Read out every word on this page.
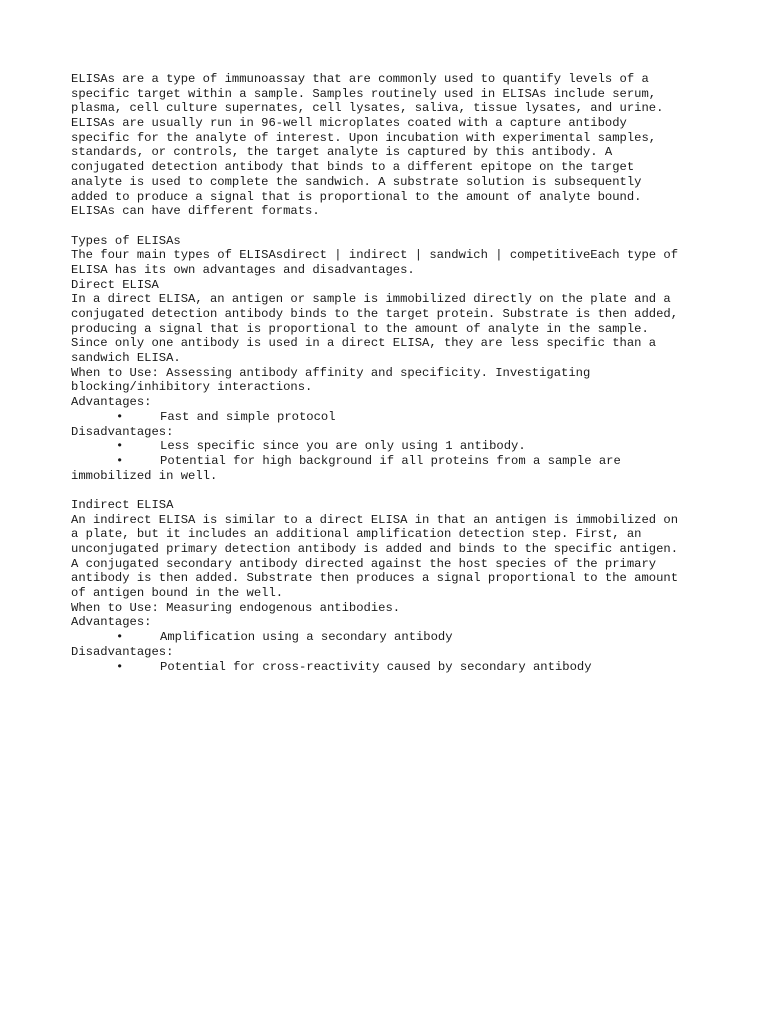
ELISAs are a type of immunoassay that are commonly used to quantify levels of a
specific target within a sample. Samples routinely used in ELISAs include serum,
plasma, cell culture supernates, cell lysates, saliva, tissue lysates, and urine.
ELISAs are usually run in 96-well microplates coated with a capture antibody
specific for the analyte of interest. Upon incubation with experimental samples,
standards, or controls, the target analyte is captured by this antibody. A
conjugated detection antibody that binds to a different epitope on the target
analyte is used to complete the sandwich. A substrate solution is subsequently
added to produce a signal that is proportional to the amount of analyte bound.
ELISAs can have different formats.
Types of ELISAs
The four main types of ELISAsdirect | indirect | sandwich | competitiveEach type of
ELISA has its own advantages and disadvantages.
Direct ELISA
In a direct ELISA, an antigen or sample is immobilized directly on the plate and a
conjugated detection antibody binds to the target protein. Substrate is then added,
producing a signal that is proportional to the amount of analyte in the sample.
Since only one antibody is used in a direct ELISA, they are less specific than a
sandwich ELISA.
When to Use: Assessing antibody affinity and specificity. Investigating
blocking/inhibitory interactions.
Advantages:

•

	Fast and simple protocol

Disadvantages:

•

	Less specific since you are only using 1 antibody.

•

	Potential for high background if all proteins from a sample are

immobilized in well.
Indirect ELISA
An indirect ELISA is similar to a direct ELISA in that an antigen is immobilized on
a plate, but it includes an additional amplification detection step. First, an
unconjugated primary detection antibody is added and binds to the specific antigen.
A conjugated secondary antibody directed against the host species of the primary
antibody is then added. Substrate then produces a signal proportional to the amount
of antigen bound in the well.
When to Use: Measuring endogenous antibodies.
Advantages:

•

	Amplification using a secondary antibody

Disadvantages:

•

	Potential for cross-reactivity caused by secondary antibody
